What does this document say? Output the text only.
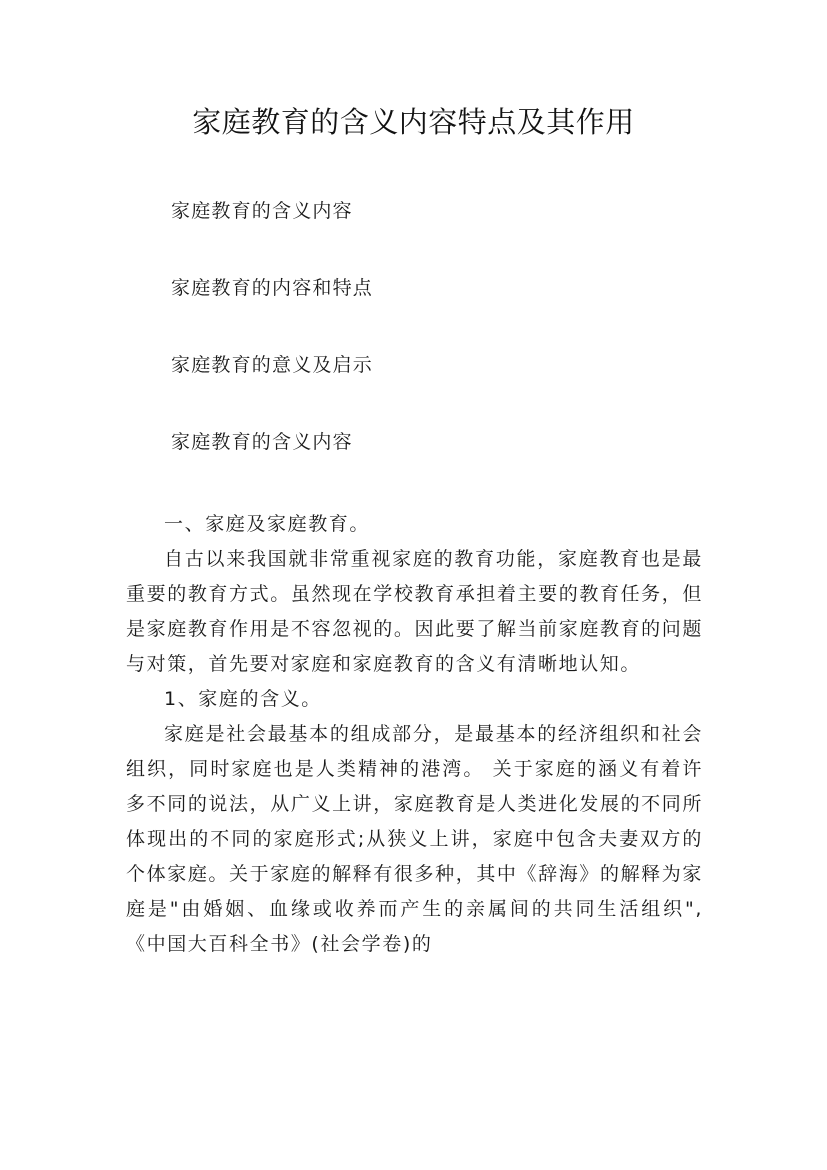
家庭教育的含义内容特点及其作用
家庭教育的含义内容
家庭教育的内容和特点
家庭教育的意义及启示
家庭教育的含义内容

一、家庭及家庭教育。

自古以来我国就非常重视家庭的教育功能，家庭教育也是最重要的教育方式。虽然现在学校教育承担着主要的教育任务，但是家庭教育作用是不容忽视的。因此要了解当前家庭教育的问题与对策，首先要对家庭和家庭教育的含义有清晰地认知。

1、家庭的含义。

家庭是社会最基本的组成部分，是最基本的经济组织和社会组织，同时家庭也是人类精神的港湾。 关于家庭的涵义有着许多不同的说法，从广义上讲，家庭教育是人类进化发展的不同所体现出的不同的家庭形式;从狭义上讲，家庭中包含夫妻双方的个体家庭。关于家庭的解释有很多种，其中《辞海》的解释为家庭是"由婚姻、血缘或收养而产生的亲属间的共同生活组织",《中国大百科全书》(社会学卷)的
